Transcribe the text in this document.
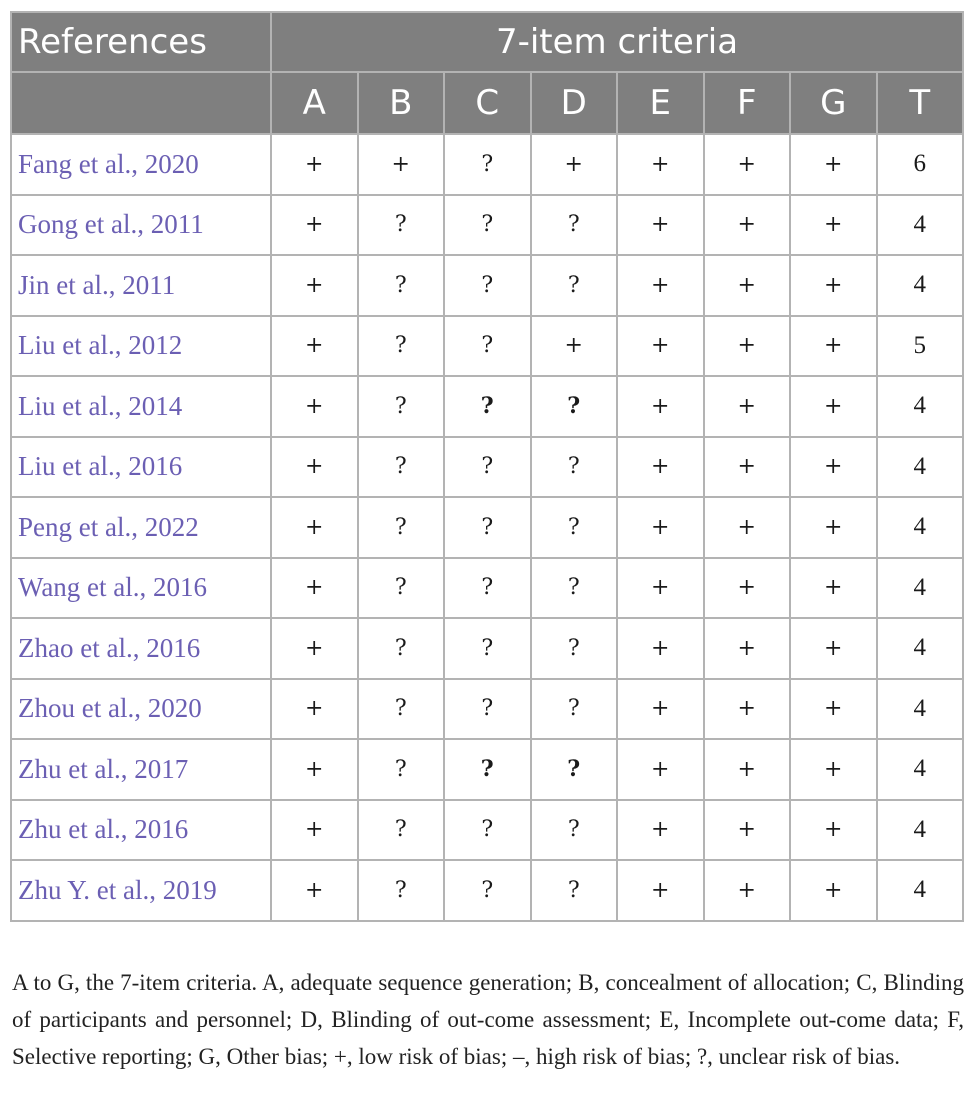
References	7-item criteria							
	A	B	C	D	E	F	G	T
Fang et al., 2020	+	+	?	+	+	+	+	6
Gong et al., 2011	+	?	?	?	+	+	+	4
Jin et al., 2011	+	?	?	?	+	+	+	4
Liu et al., 2012	+	?	?	+	+	+	+	5
Liu et al., 2014	+	?	?	?	+	+	+	4
Liu et al., 2016	+	?	?	?	+	+	+	4
Peng et al., 2022	+	?	?	?	+	+	+	4
Wang et al., 2016	+	?	?	?	+	+	+	4
Zhao et al., 2016	+	?	?	?	+	+	+	4
Zhou et al., 2020	+	?	?	?	+	+	+	4
Zhu et al., 2017	+	?	?	?	+	+	+	4
Zhu et al., 2016	+	?	?	?	+	+	+	4
Zhu Y. et al., 2019	+	?	?	?	+	+	+	4

A to G, the 7-item criteria. A, adequate sequence generation; B, concealment of allocation; C, Blinding of participants and personnel; D, Blinding of out-come assessment; E, Incomplete out-come data; F, Selective reporting; G, Other bias; +, low risk of bias; –, high risk of bias; ?, unclear risk of bias.
